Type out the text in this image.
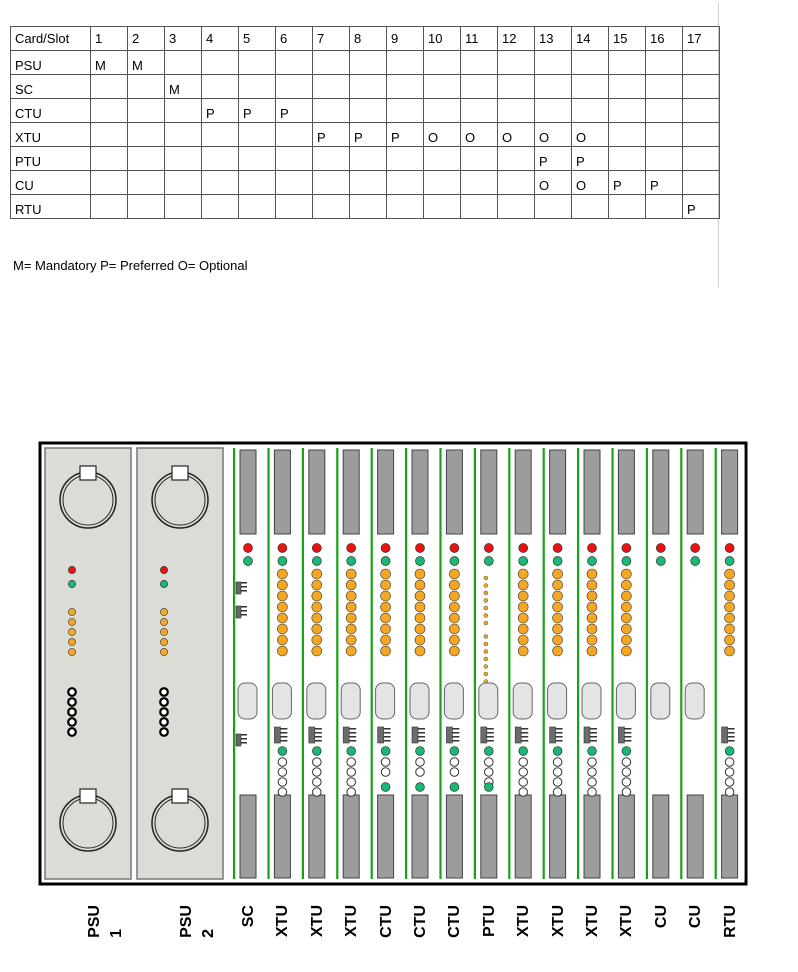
Card/Slot	1	2	3	4	5	6	7	8	9	10	11	12	13	14	15	16	17
PSU	M	M															
SC			M														
CTU				P	P	P											
XTU							P	P	P	O	O	O	O	O			
PTU													P	P			
CU													O	O	P	P	
RTU																	P
M= Mandatory P= Preferred O= Optional
PSU
1	PSU
2
SC XTU XTU XTU CTU CTU CTU PTU XTU XTU XTU XTU CU CU RTU
